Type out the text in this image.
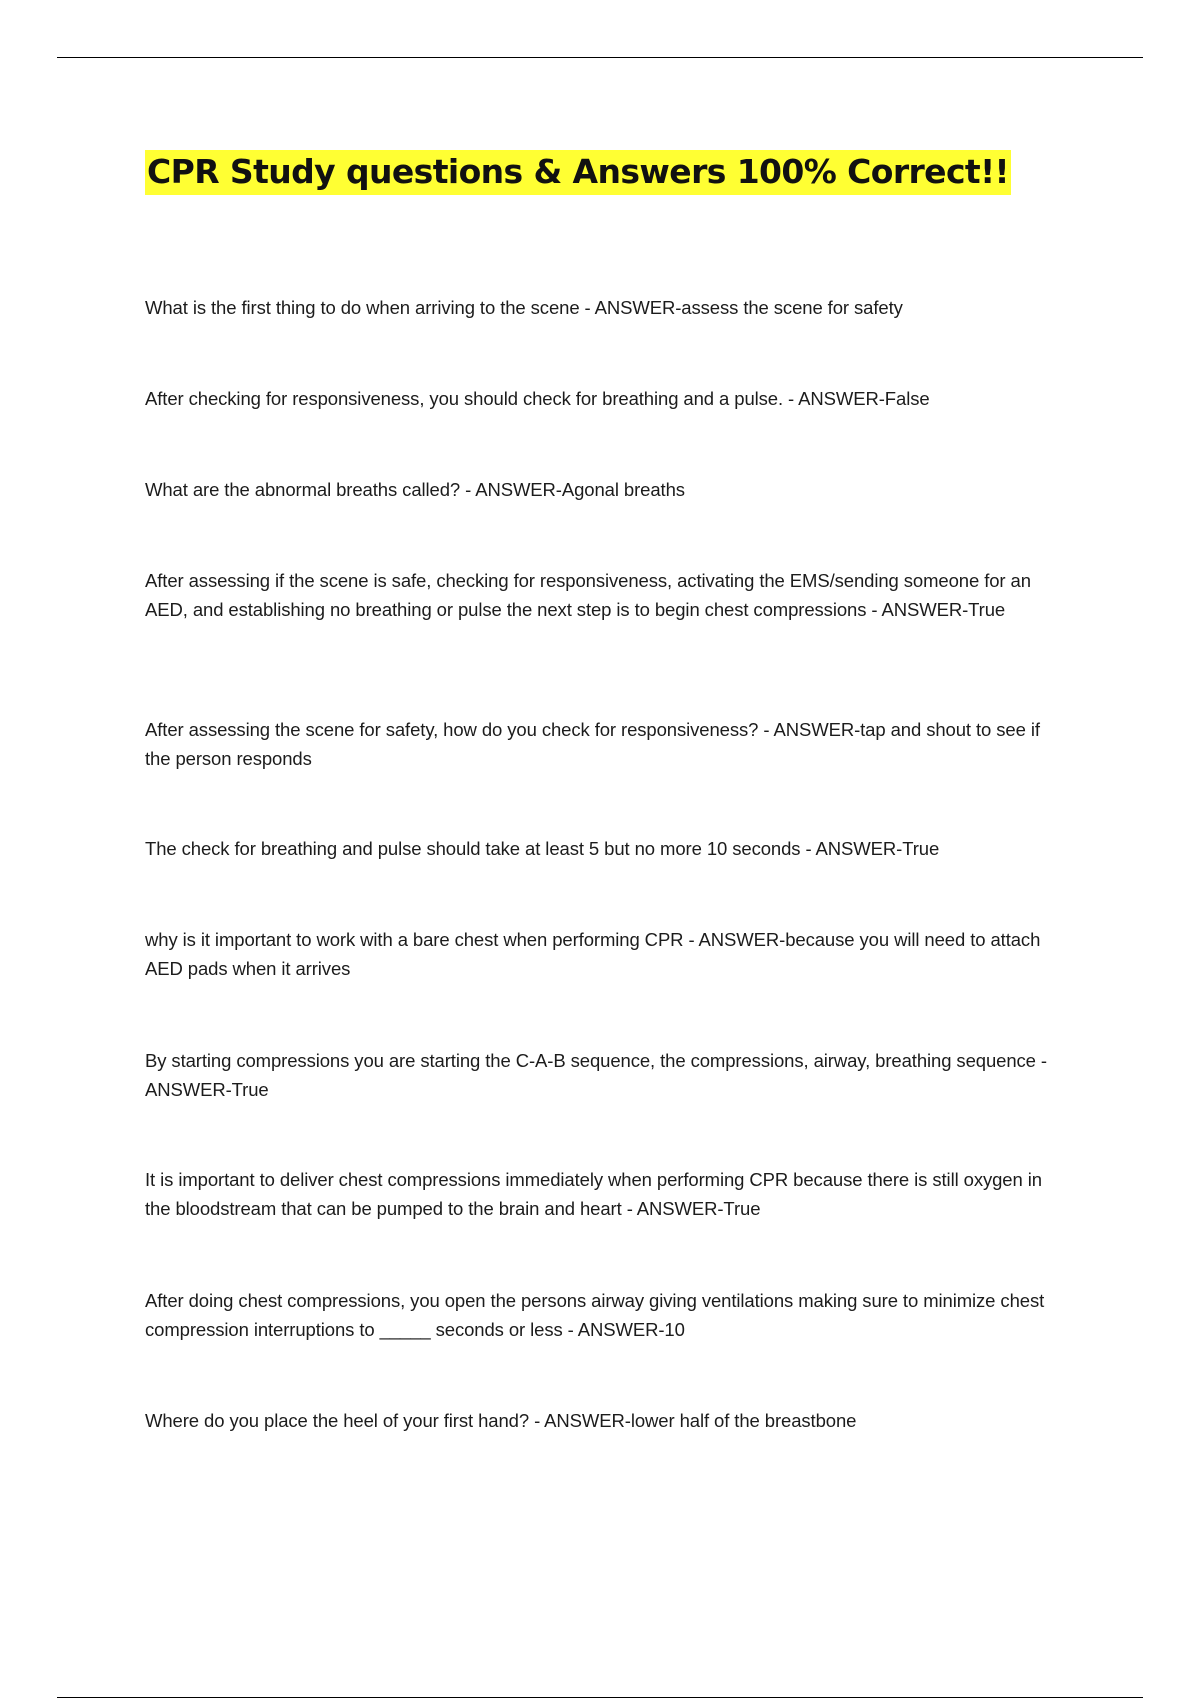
CPR Study questions & Answers 100% Correct!!

What is the first thing to do when arriving to the scene - ANSWER-assess the scene for safety

After checking for responsiveness, you should check for breathing and a pulse. - ANSWER-False

What are the abnormal breaths called? - ANSWER-Agonal breaths

After assessing if the scene is safe, checking for responsiveness, activating the EMS/sending someone for an AED, and establishing no breathing or pulse the next step is to begin chest compressions - ANSWER-True

After assessing the scene for safety, how do you check for responsiveness? - ANSWER-tap and shout to see if the person responds

The check for breathing and pulse should take at least 5 but no more 10 seconds - ANSWER-True

why is it important to work with a bare chest when performing CPR - ANSWER-because you will need to attach AED pads when it arrives

By starting compressions you are starting the C-A-B sequence, the compressions, airway, breathing sequence - ANSWER-True

It is important to deliver chest compressions immediately when performing CPR because there is still oxygen in the bloodstream that can be pumped to the brain and heart - ANSWER-True

After doing chest compressions, you open the persons airway giving ventilations making sure to minimize chest compression interruptions to _____ seconds or less - ANSWER-10

Where do you place the heel of your first hand? - ANSWER-lower half of the breastbone
